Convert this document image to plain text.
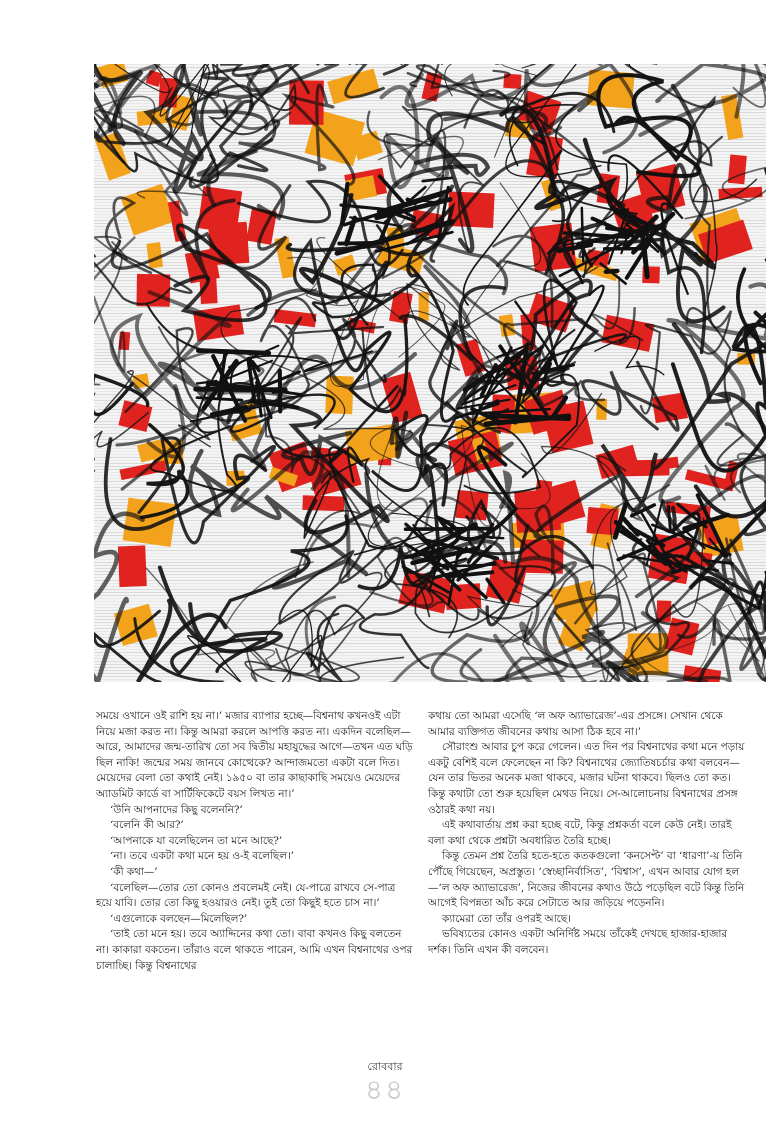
সময়ে ওখানে ওই রাশি হয় না।’ মজার ব্যাপার হচ্ছে—বিশ্বনাথ কখনওই এটা নিয়ে মজা করত না। কিন্তু আমরা করলে আপত্তি করত না। একদিন বলেছিল—আরে, আমাদের জন্ম-তারিখ তো সব দ্বিতীয় মহাযুদ্ধের আগে—তখন এত ঘড়ি ছিল নাকি! জন্মের সময় জানবে কোত্থেকে? আন্দাজমতো একটা বলে দিত। মেয়েদের বেলা তো কথাই নেই। ১৯৫০ বা তার কাছাকাছি সময়েও মেয়েদের অ্যাডমিট কার্ডে বা সার্টিফিকেটে বয়স লিখত না।’

‘উনি আপনাদের কিছু বলেননি?’

‘বলেনি কী আর?’

‘আপনাকে যা বলেছিলেন তা মনে আছে?’

‘না। তবে একটা কথা মনে হয় ও-ই বলেছিল।’

‘কী কথা—’

‘বলেছিল—তোর তো কোনও প্রবলেমই নেই। যে-পাত্রে রাখবে সে-পাত্র হয়ে যাবি। তোর তো কিছু হওয়ারও নেই। তুই তো কিছুই হতে চাস না।’

‘এগুলোকে বলছেন—মিলেছিল?’

‘তাই তো মনে হয়। তবে অ্যাদ্দিনের কথা তো। বাবা কখনও কিছু বলতেন না। কাকারা বকতেন। তাঁরাও বলে থাকতে পারেন, আমি এখন বিশ্বনাথের ওপর চালাচ্ছি। কিন্তু বিশ্বনাথের

কথায় তো আমরা এসেছি ‘ল অফ অ্যাভারেজ’-এর প্রসঙ্গে। সেখান থেকে আমার ব্যক্তিগত জীবনের কথায় আসা ঠিক হবে না।’

সৌরাংশু আবার চুপ করে গেলেন। এত দিন পর বিশ্বনাথের কথা মনে পড়ায় একটু বেশিই বলে ফেলেছেন না কি? বিশ্বনাথের জ্যোতিষচর্চার কথা বলবেন—যেন তার ভিতর অনেক মজা থাকবে, মজার ঘটনা থাকবে। ছিলও তো কত। কিন্তু কথাটা তো শুরু হয়েছিল মেথড নিয়ে। সে-আলোচনায় বিশ্বনাথের প্রসঙ্গ ওঠারই কথা নয়।

এই কথাবার্তায় প্রশ্ন করা হচ্ছে বটে, কিন্তু প্রশ্নকর্তা বলে কেউ নেই। তারই বলা কথা থেকে প্রশ্নটা অবধারিত তৈরি হচ্ছে।

কিন্তু তেমন প্রশ্ন তৈরি হতে-হতে কতকগুলো ‘কনসেপ্ট’ বা ‘ধারণা’-য় তিনি পৌঁছে গিয়েছেন, অপ্রস্তুত। ‘স্বেচ্ছানির্বাসিত’, ‘বিশ্বাস’, এখন আবার যোগ হল—‘ল অফ অ্যাভারেজ’, নিজের জীবনের কথাও উঠে পড়েছিল বটে কিন্তু তিনি আগেই বিপন্নতা আঁচ করে সেটাতে আর জড়িয়ে পড়েননি।

ক্যামেরা তো তাঁর ওপরই আছে।

ভবিষ্যতের কোনও একটা অনির্দিষ্ট সময়ে তাঁকেই দেখছে হাজার-হাজার দর্শক। তিনি এখন কী বলবেন।

রোববার
৪৪
